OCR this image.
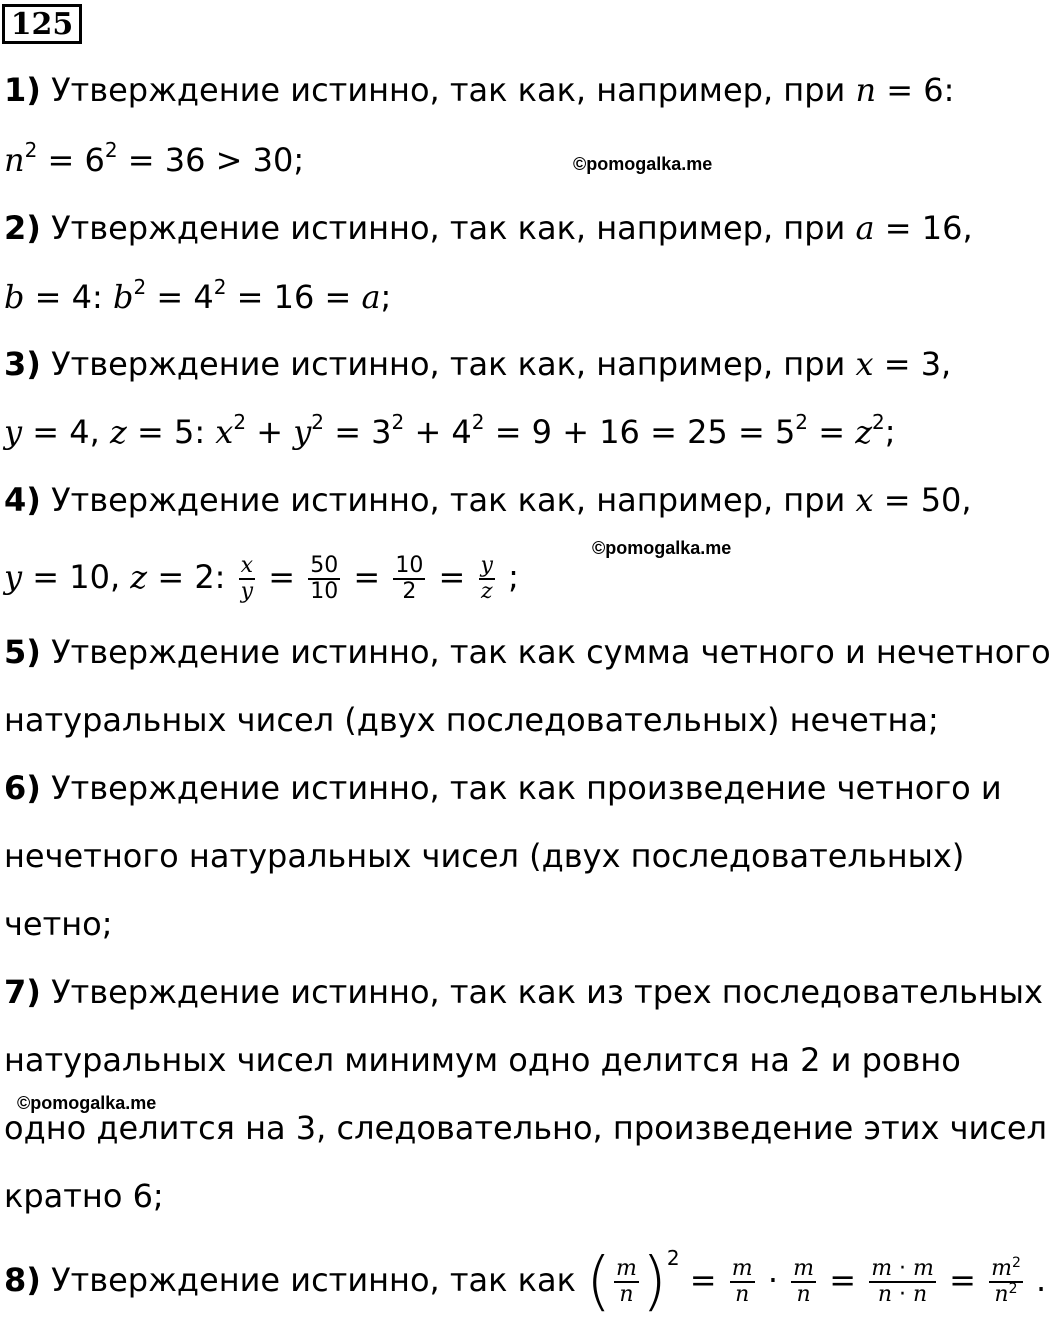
125
1) Утверждение истинно, так как, например, при n = 6:
$n^2 = 6^2 = 36 > 30$;	©pomogalka.me
2) Утверждение истинно, так как, например, при a = 16,
b = 4: $b^2 = 4^2 = 16 = a$;
3) Утверждение истинно, так как, например, при x = 3,
y = 4, z = 5: $x^2 + y^2 = 3^2 + 4^2 = 9 + 16 = 25 = 5^2 = z^2$;
4) Утверждение истинно, так как, например, при x = 50,
©pomogalka.me
y = 10, z = 2: $\frac{x}{y} = \frac{50}{10} = \frac{10}{2} = \frac{y}{z}$ ;
5) Утверждение истинно, так как сумма четного и нечетного
натуральных чисел (двух последовательных) нечетна;
6) Утверждение истинно, так как произведение четного и
нечетного натуральных чисел (двух последовательных)
четно;
7) Утверждение истинно, так как из трех последовательных
натуральных чисел минимум одно делится на 2 и ровно
©pomogalka.me
одно делится на 3, следовательно, произведение этих чисел
кратно 6;
8) Утверждение истинно, так как ( $\frac{m}{n} )^2 = \frac{m}{n} \cdot \frac{m}{n} = \frac{m \cdot m}{n \cdot n} = \frac{m^2}{n^2}$ .
